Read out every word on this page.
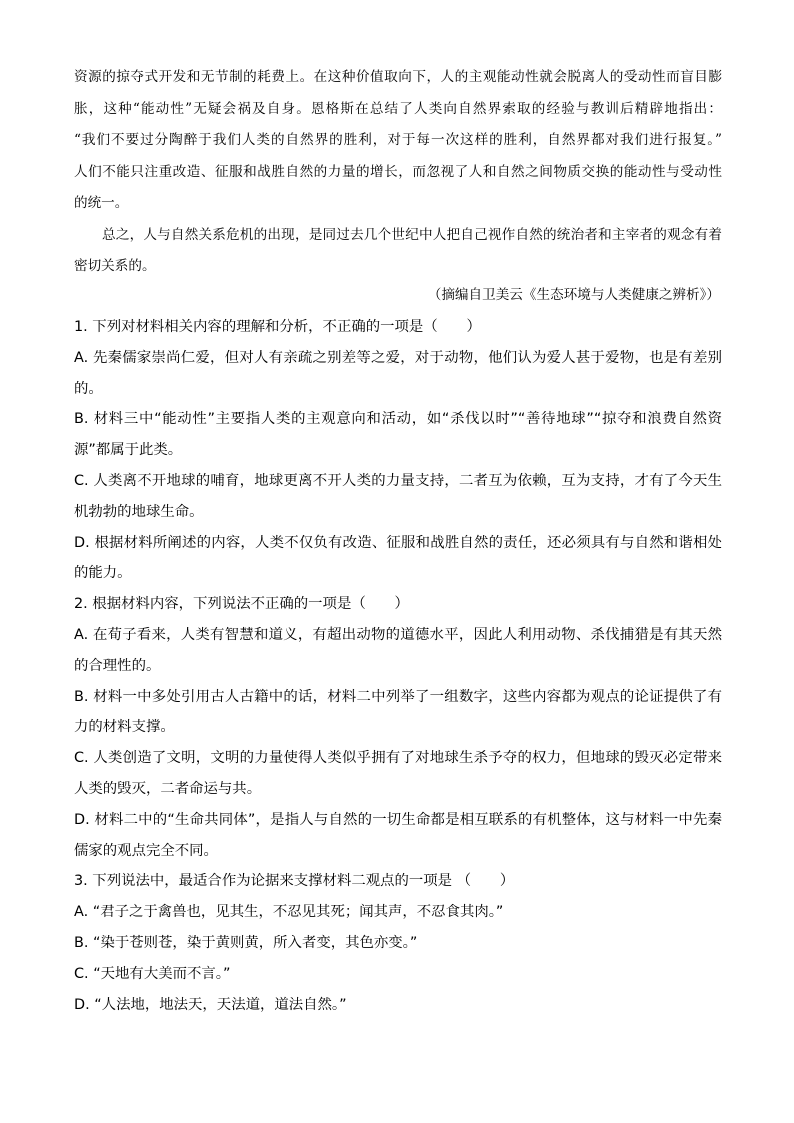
资源的掠夺式开发和无节制的耗费上。在这种价值取向下，人的主观能动性就会脱离人的受动性而盲目膨

胀，这种“能动性”无疑会祸及自身。恩格斯在总结了人类向自然界索取的经验与教训后精辟地指出：

“我们不要过分陶醉于我们人类的自然界的胜利，对于每一次这样的胜利，自然界都对我们进行报复。”

人们不能只注重改造、征服和战胜自然的力量的增长，而忽视了人和自然之间物质交换的能动性与受动性

的统一。

总之，人与自然关系危机的出现，是同过去几个世纪中人把自己视作自然的统治者和主宰者的观念有着密切关系的。

（摘编自卫美云《生态环境与人类健康之辨析》）

1. 下列对材料相关内容的理解和分析，不正确的一项是（　　）

A. 先秦儒家崇尚仁爱，但对人有亲疏之别差等之爱，对于动物，他们认为爱人甚于爱物，也是有差别的。

B. 材料三中“能动性”主要指人类的主观意向和活动，如“杀伐以时”“善待地球”“掠夺和浪费自然资源”都属于此类。

C. 人类离不开地球的哺育，地球更离不开人类的力量支持，二者互为依赖，互为支持，才有了今天生机勃勃的地球生命。

D. 根据材料所阐述的内容，人类不仅负有改造、征服和战胜自然的责任，还必须具有与自然和谐相处的能力。

2. 根据材料内容，下列说法不正确的一项是（　　）

A. 在荀子看来，人类有智慧和道义，有超出动物的道德水平，因此人利用动物、杀伐捕猎是有其天然的合理性的。

B. 材料一中多处引用古人古籍中的话，材料二中列举了一组数字，这些内容都为观点的论证提供了有力的材料支撑。

C. 人类创造了文明，文明的力量使得人类似乎拥有了对地球生杀予夺的权力，但地球的毁灭必定带来人类的毁灭，二者命运与共。

D. 材料二中的“生命共同体”，是指人与自然的一切生命都是相互联系的有机整体，这与材料一中先秦儒家的观点完全不同。

3. 下列说法中，最适合作为论据来支撑材料二观点的一项是 （　　）

A. “君子之于禽兽也，见其生，不忍见其死；闻其声，不忍食其肉。”

B. “染于苍则苍，染于黄则黄，所入者变，其色亦变。”

C. “天地有大美而不言。”

D. “人法地，地法天，天法道，道法自然。”
